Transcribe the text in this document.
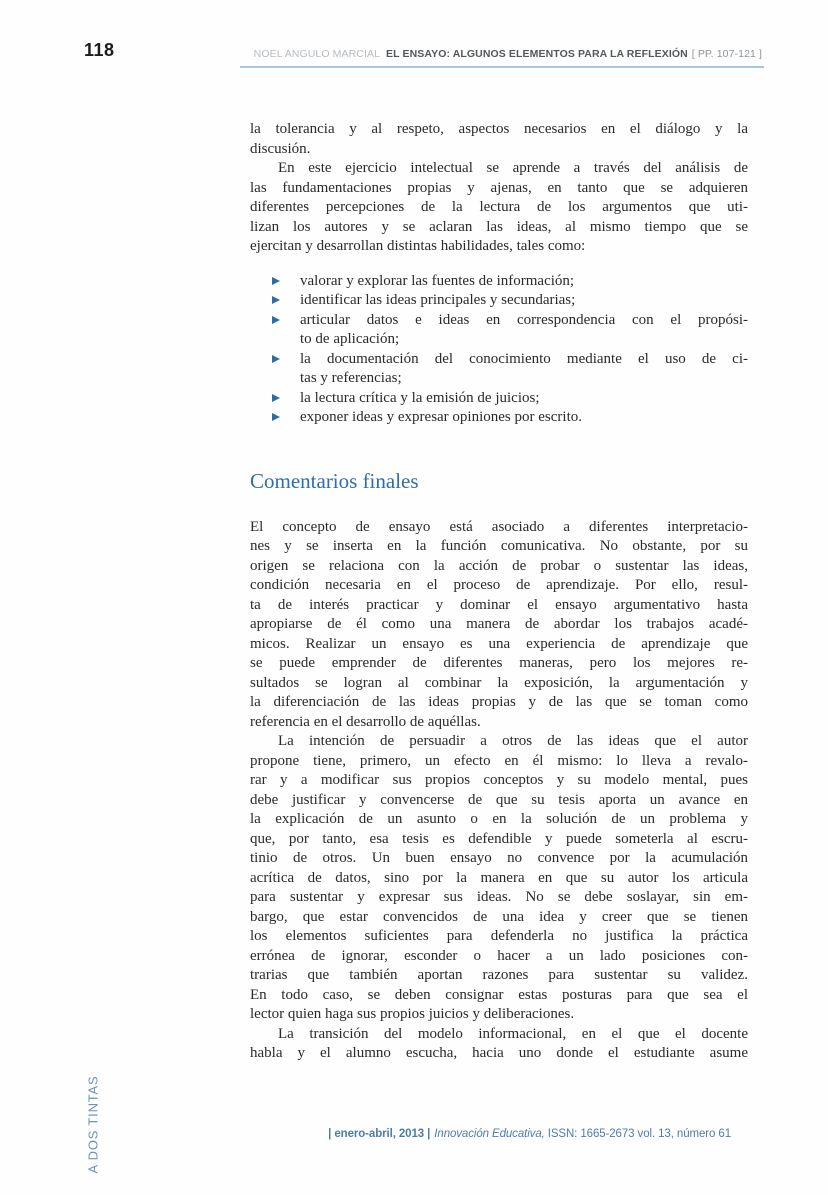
118	NOEL ANGULO MARCIAL EL ENSAYO: ALGUNOS ELEMENTOS PARA LA REFLEXIÓN [ PP. 107-121 ]
la tolerancia y al respeto, aspectos necesarios en el diálogo y la
discusión.
En este ejercicio intelectual se aprende a través del análisis de
las fundamentaciones propias y ajenas, en tanto que se adquieren
diferentes percepciones de la lectura de los argumentos que uti-
lizan los autores y se aclaran las ideas, al mismo tiempo que se
ejercitan y desarrollan distintas habilidades, tales como:
valorar y explorar las fuentes de información;
identificar las ideas principales y secundarias;
articular datos e ideas en correspondencia con el propósi-
to de aplicación;
la documentación del conocimiento mediante el uso de ci-
tas y referencias;
la lectura crítica y la emisión de juicios;
exponer ideas y expresar opiniones por escrito.
Comentarios finales
El concepto de ensayo está asociado a diferentes interpretacio-
nes y se inserta en la función comunicativa. No obstante, por su
origen se relaciona con la acción de probar o sustentar las ideas,
condición necesaria en el proceso de aprendizaje. Por ello, resul-
ta de interés practicar y dominar el ensayo argumentativo hasta
apropiarse de él como una manera de abordar los trabajos acadé-
micos. Realizar un ensayo es una experiencia de aprendizaje que
se puede emprender de diferentes maneras, pero los mejores re-
sultados se logran al combinar la exposición, la argumentación y
la diferenciación de las ideas propias y de las que se toman como
referencia en el desarrollo de aquéllas.
La intención de persuadir a otros de las ideas que el autor
propone tiene, primero, un efecto en él mismo: lo lleva a revalo-
rar y a modificar sus propios conceptos y su modelo mental, pues
debe justificar y convencerse de que su tesis aporta un avance en
la explicación de un asunto o en la solución de un problema y
que, por tanto, esa tesis es defendible y puede someterla al escru-
tinio de otros. Un buen ensayo no convence por la acumulación
acrítica de datos, sino por la manera en que su autor los articula
para sustentar y expresar sus ideas. No se debe soslayar, sin em-
bargo, que estar convencidos de una idea y creer que se tienen
los elementos suficientes para defenderla no justifica la práctica
errónea de ignorar, esconder o hacer a un lado posiciones con-
trarias que también aportan razones para sustentar su validez.
En todo caso, se deben consignar estas posturas para que sea el
lector quien haga sus propios juicios y deliberaciones.
La transición del modelo informacional, en el que el docente
habla y el alumno escucha, hacia uno donde el estudiante asume
A DOS TINTAS	| enero-abril, 2013 | Innovación Educativa, ISSN: 1665-2673 vol. 13, número 61
